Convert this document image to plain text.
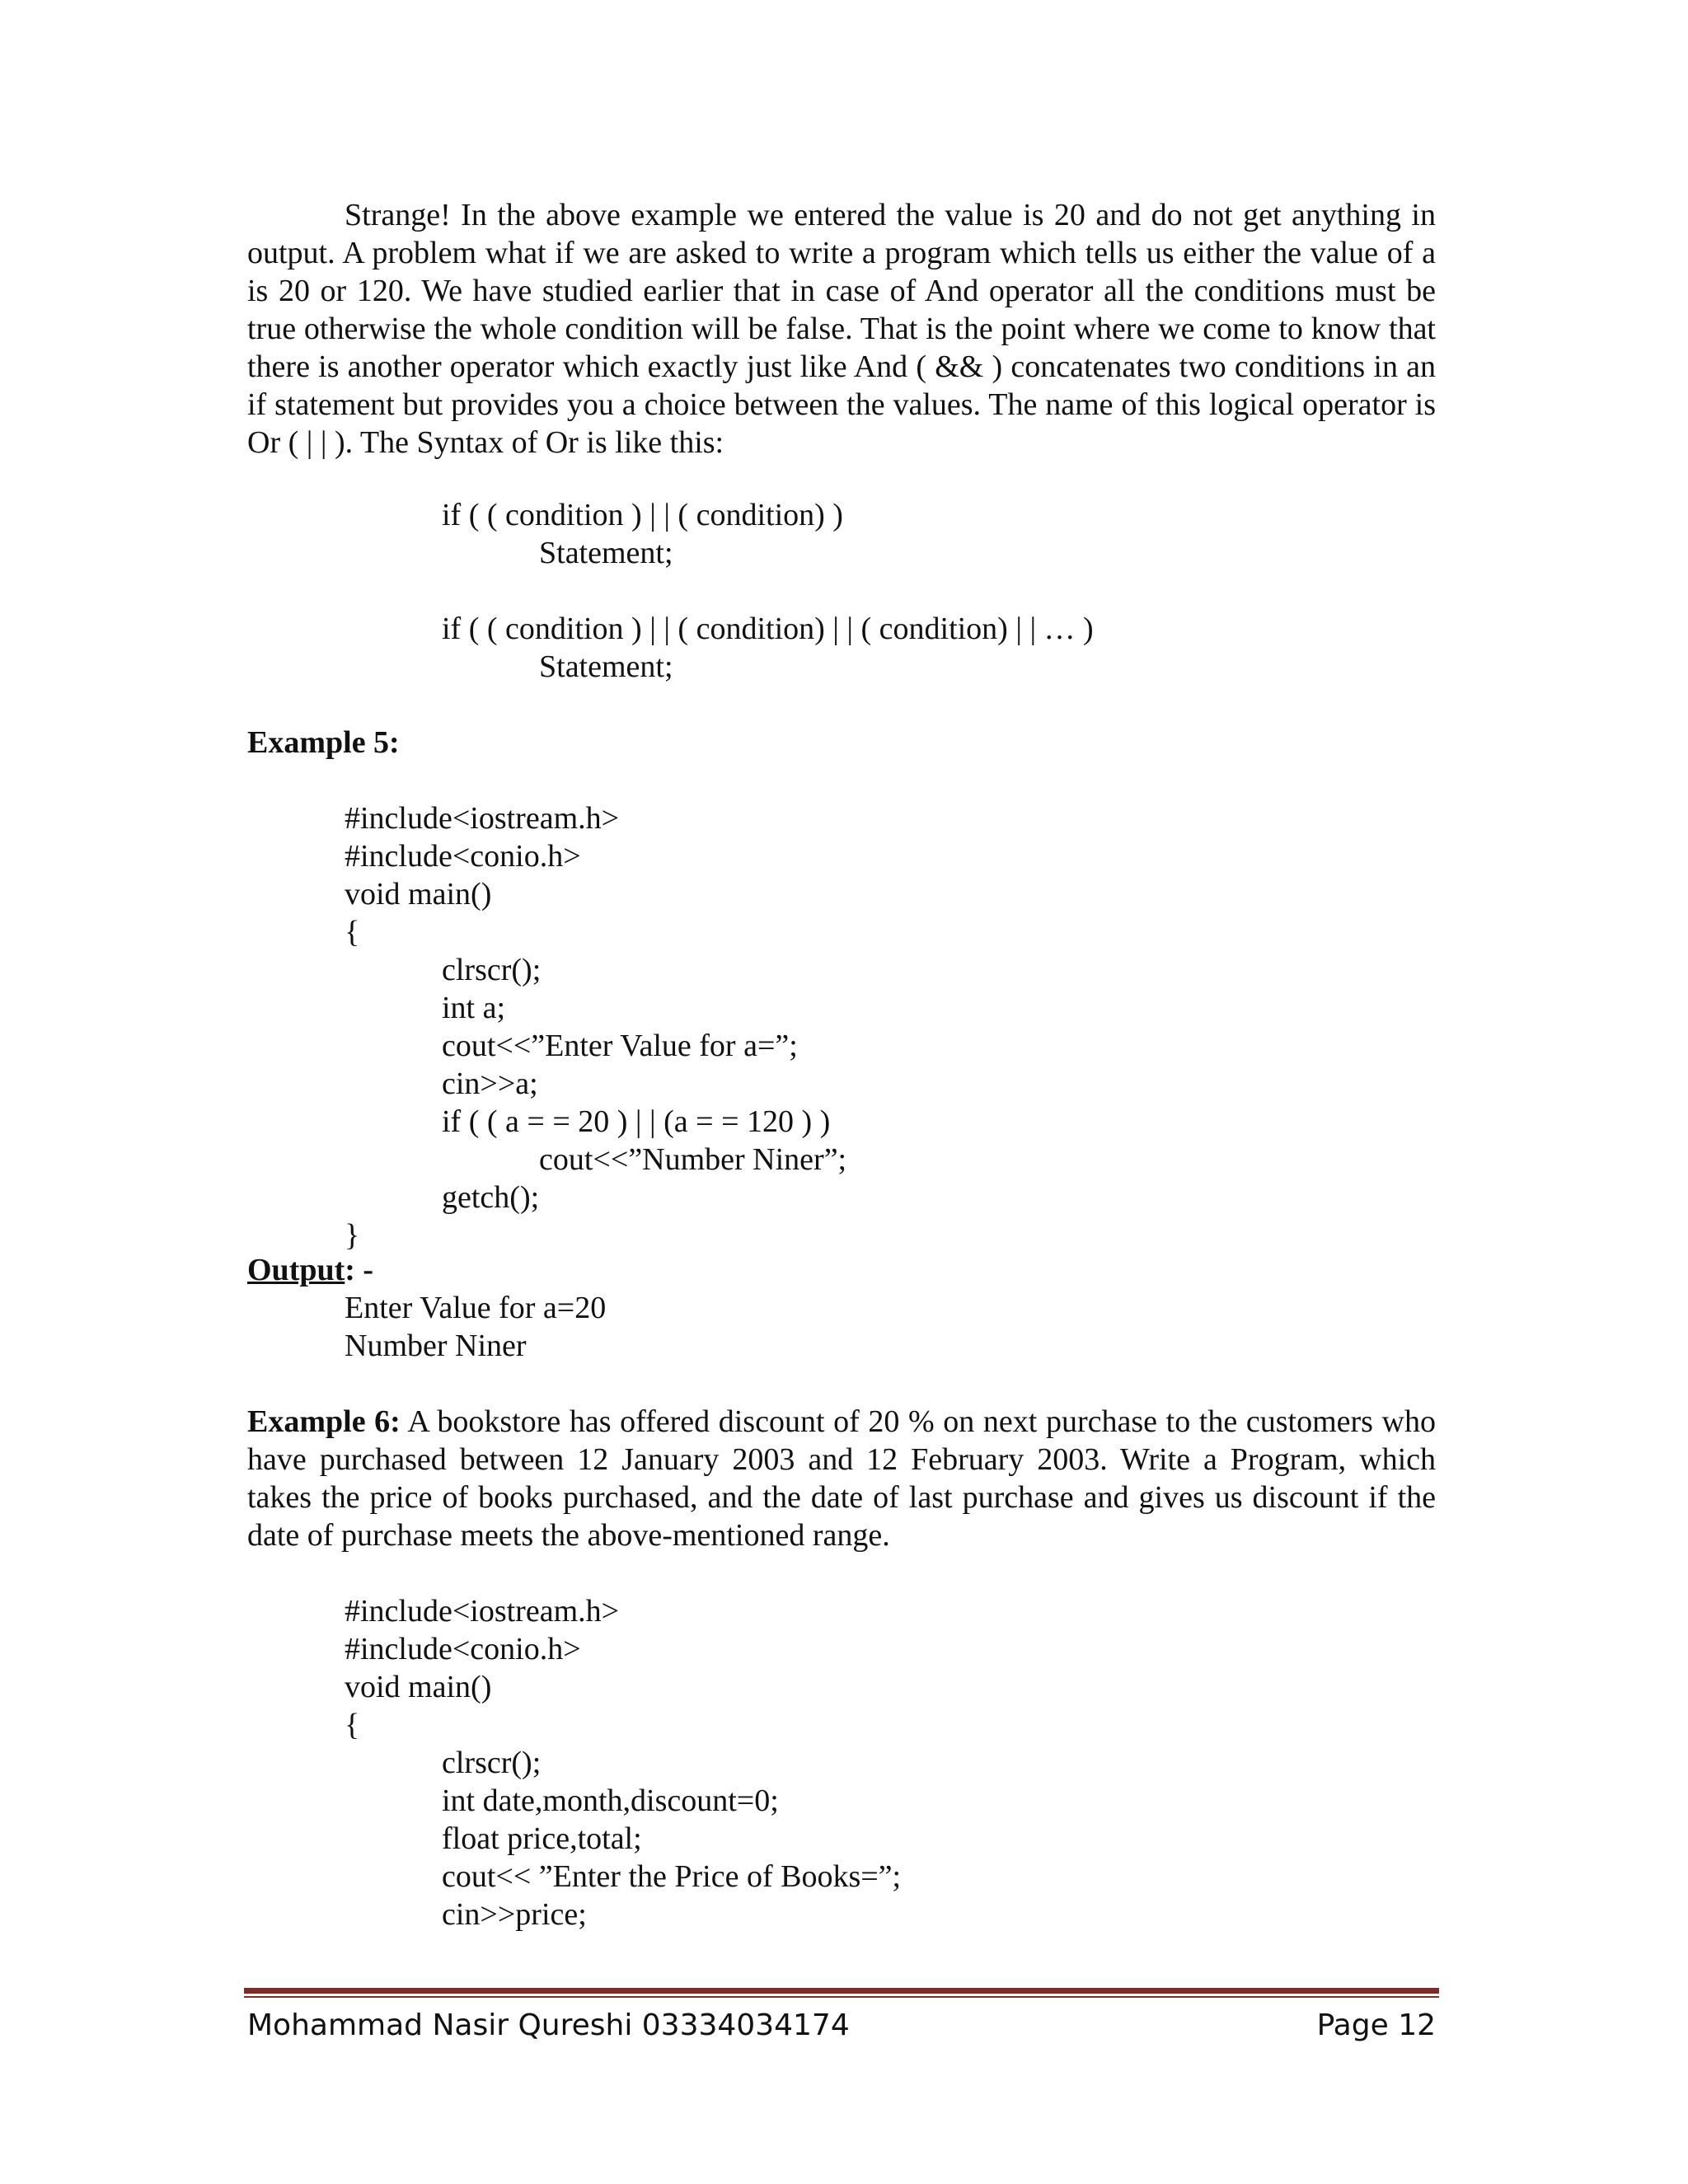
Strange! In the above example we entered the value is 20 and do not get anything in output. A problem what if we are asked to write a program which tells us either the value of a is 20 or 120. We have studied earlier that in case of And operator all the conditions must be true otherwise the whole condition will be false. That is the point where we come to know that there is another operator which exactly just like And ( && ) concatenates two conditions in an if statement but provides you a choice between the values. The name of this logical operator is Or ( | | ). The Syntax of Or is like this:

if ( ( condition ) | | ( condition) )
Statement;
if ( ( condition ) | | ( condition) | | ( condition) | | … )
Statement;
Example 5:
#include<iostream.h>
#include<conio.h>
void main()
{
clrscr();
int a;
cout<<”Enter Value for a=”;
cin>>a;
if ( ( a = = 20 ) | | (a = = 120 ) )
cout<<”Number Niner”;
getch();
}
Output: -
Enter Value for a=20
Number Niner

Example 6: A bookstore has offered discount of 20 % on next purchase to the customers who have purchased between 12 January 2003 and 12 February 2003. Write a Program, which takes the price of books purchased, and the date of last purchase and gives us discount if the date of purchase meets the above-mentioned range.

#include<iostream.h>
#include<conio.h>
void main()
{
clrscr();
int date,month,discount=0;
float price,total;
cout<< ”Enter the Price of Books=”;
cin>>price;
Mohammad Nasir Qureshi 03334034174	Page 12
